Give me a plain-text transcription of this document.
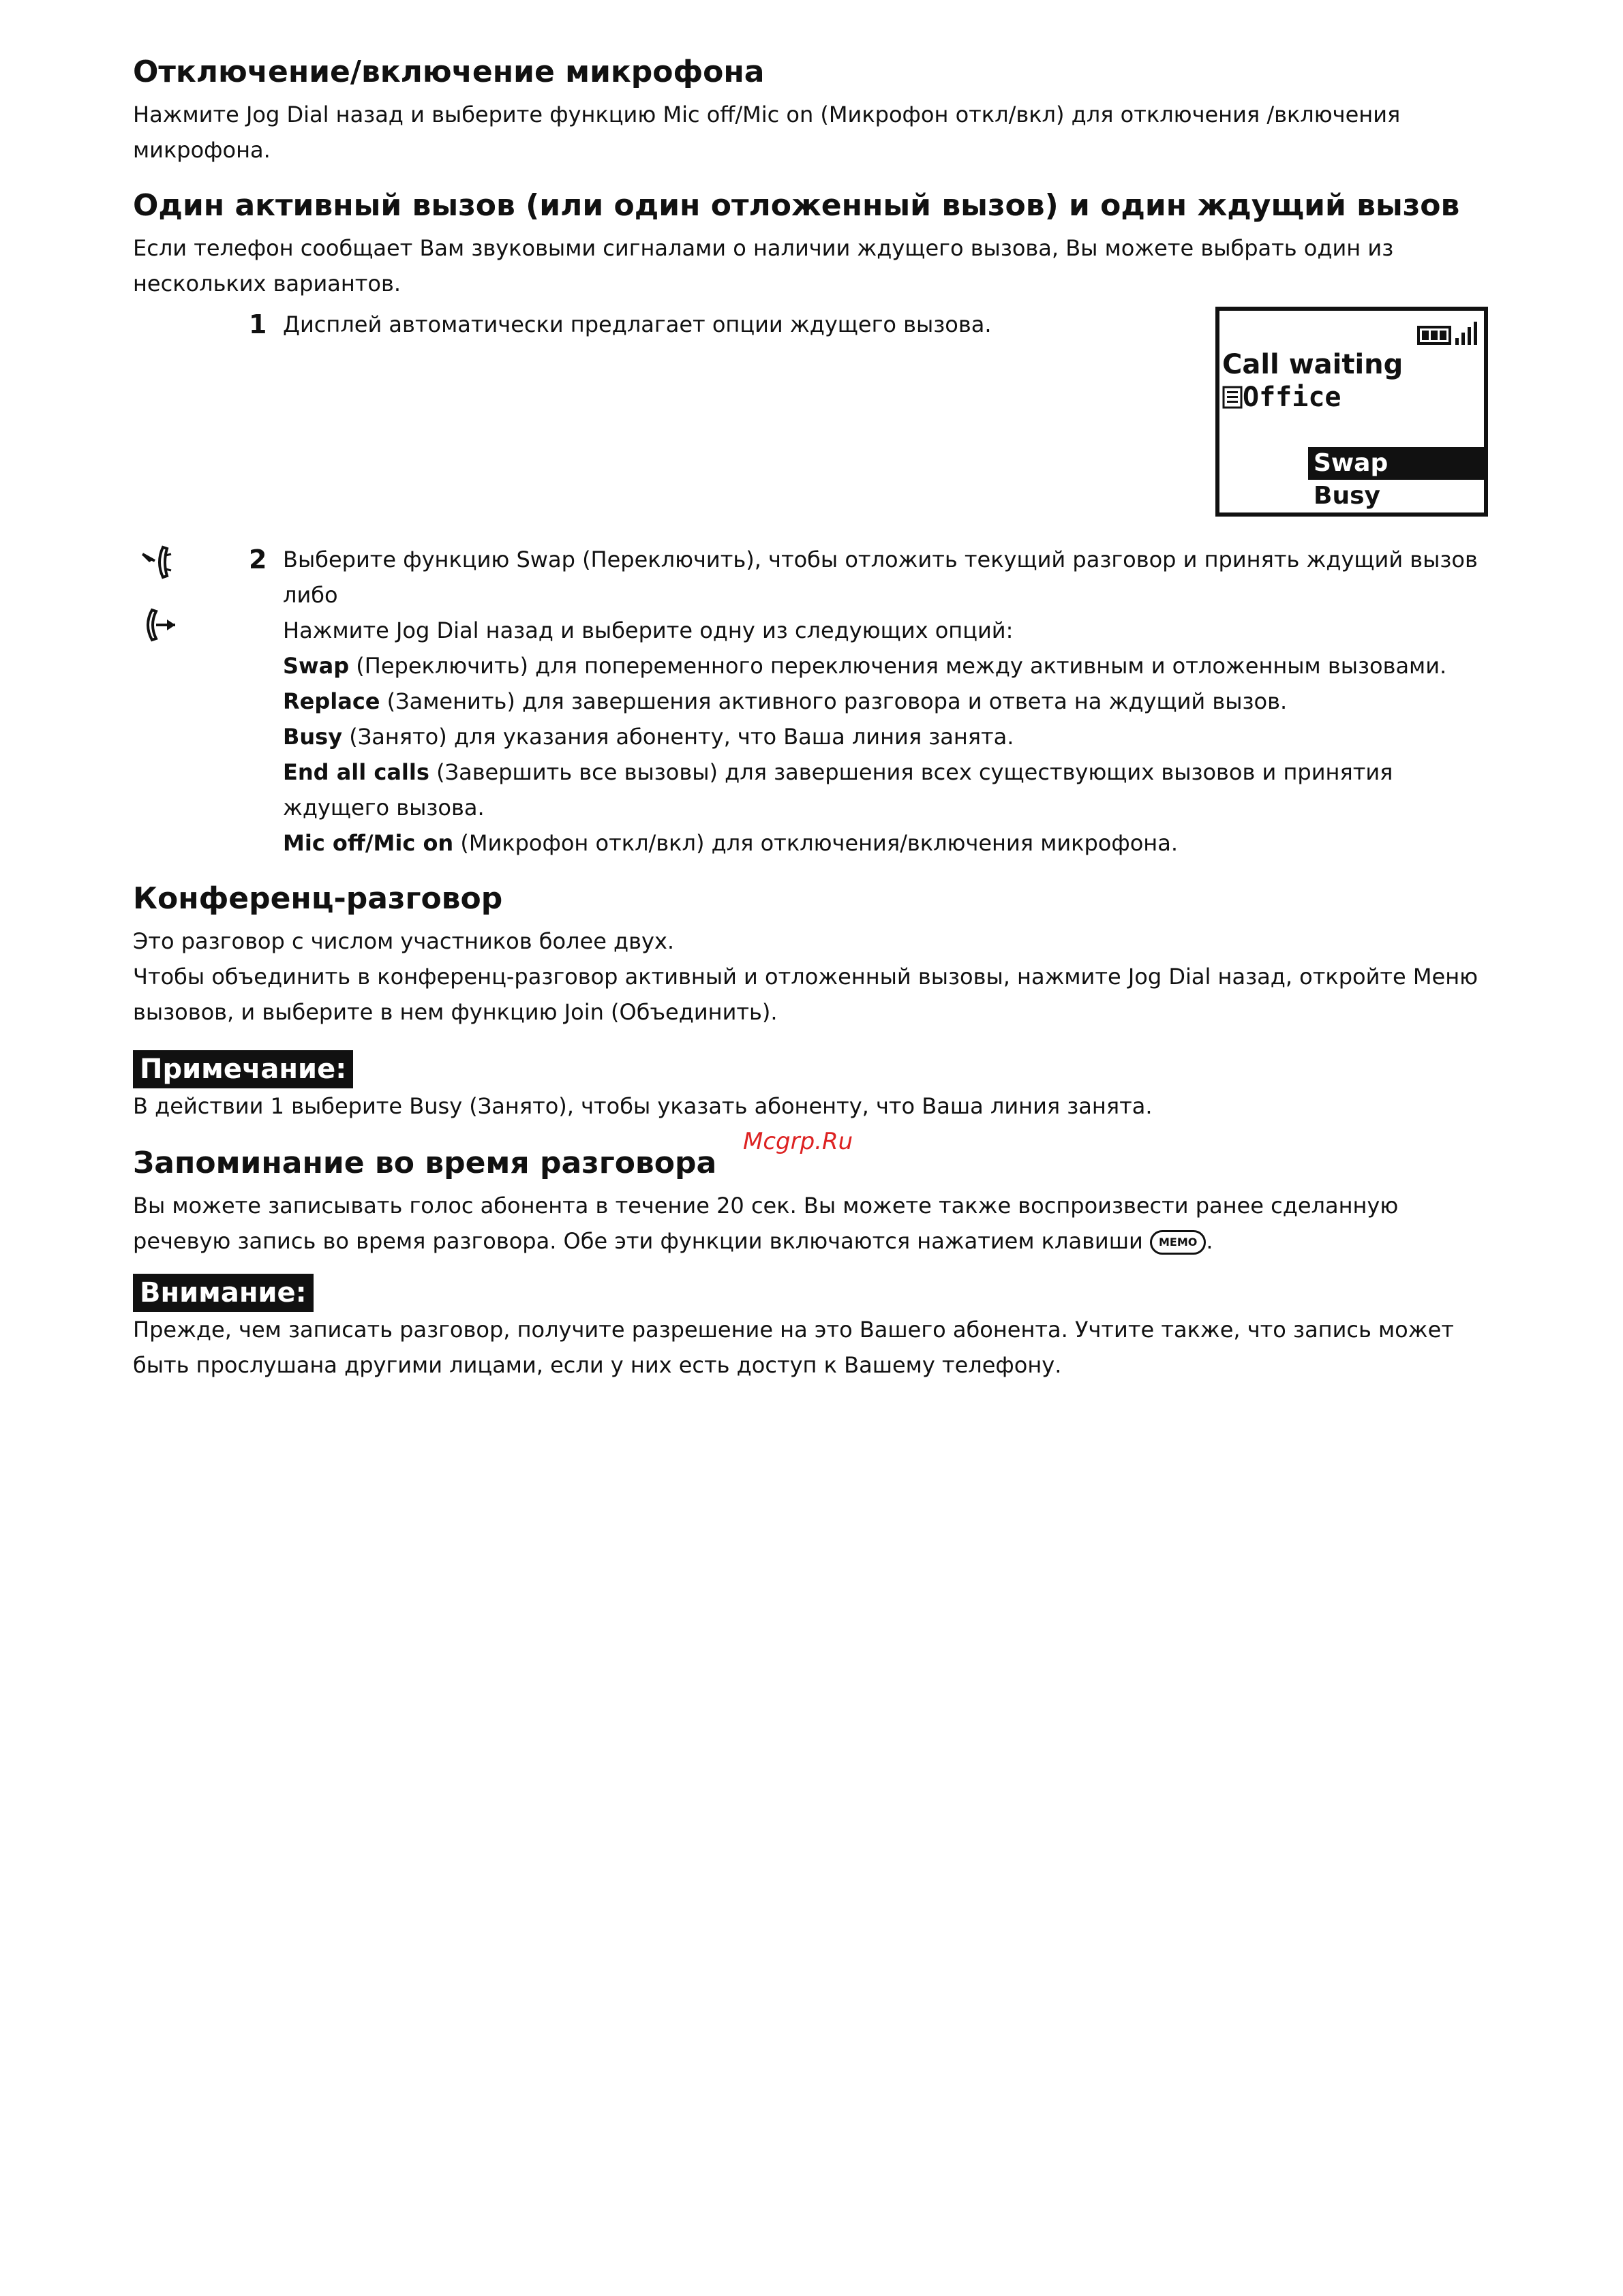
Отключение/включение микрофона

Нажмите Jog Dial назад и выберите функцию Mic off/Mic on (Микрофон откл/вкл) для отключения /включения микрофона.

Один активный вызов (или один отложенный вызов) и один ждущий вызов

Если телефон сообщает Вам звуковыми сигналами о наличии ждущего вызова, Вы можете выбрать один из нескольких вариантов.

1 Дисплей автоматически предлагает опции ждущего вызова.
Call waiting
Office
Swap
Busy
2 Выберите функцию Swap (Переключить), чтобы отложить текущий разговор и принять ждущий вызов либо
Нажмите Jog Dial назад и выберите одну из следующих опций:
Swap (Переключить) для попеременного переключения между активным и отложенным вызовами.
Replace (Заменить) для завершения активного разговора и ответа на ждущий вызов.
Busy (Занято) для указания абоненту, что Ваша линия занята.
End all calls (Завершить все вызовы) для завершения всех существующих вызовов и принятия ждущего вызова.
Mic off/Mic on (Микрофон откл/вкл) для отключения/включения микрофона.
Конференц-разговор

Это разговор с числом участников более двух.

Чтобы объединить в конференц-разговор активный и отложенный вызовы, нажмите Jog Dial назад, откройте Меню вызовов, и выберите в нем функцию Join (Объединить).

Примечание:

В действии 1 выберите Busy (Занято), чтобы указать абоненту, что Ваша линия занята.

Запоминание во время разговора

Вы можете записывать голос абонента в течение 20 сек. Вы можете также воспроизвести ранее сделанную речевую запись во время разговора. Обе эти функции включаются нажатием клавиши MEMO .

Внимание:

Прежде, чем записать разговор, получите разрешение на это Вашего абонента. Учтите также, что запись может быть прослушана другими лицами, если у них есть доступ к Вашему телефону.

Mcgrp.Ru
